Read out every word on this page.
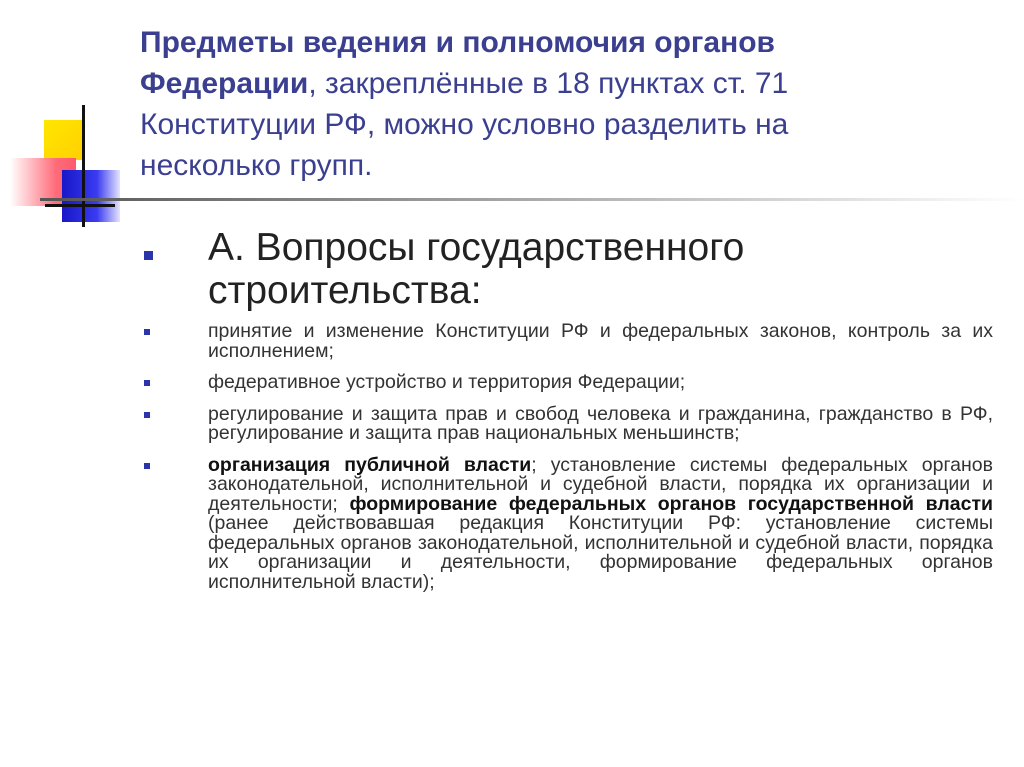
Предметы ведения и полномочия органов Федерации, закреплённые в 18 пунктах ст. 71 Конституции РФ, можно условно разделить на несколько групп.
А. Вопросы государственного строительства:
принятие и изменение Конституции РФ и федеральных законов, контроль за их исполнением;
федеративное устройство и территория Федерации;
регулирование и защита прав и свобод человека и гражданина, гражданство в РФ, регулирование и защита прав национальных меньшинств;
организация публичной власти; установление системы федеральных органов законодательной, исполнительной и судебной власти, порядка их организации и деятельности; формирование федеральных органов государственной власти (ранее действовавшая редакция Конституции РФ: установление системы федеральных органов законодательной, исполнительной и судебной власти, порядка их организации и деятельности, формирование федеральных органов исполнительной власти);
